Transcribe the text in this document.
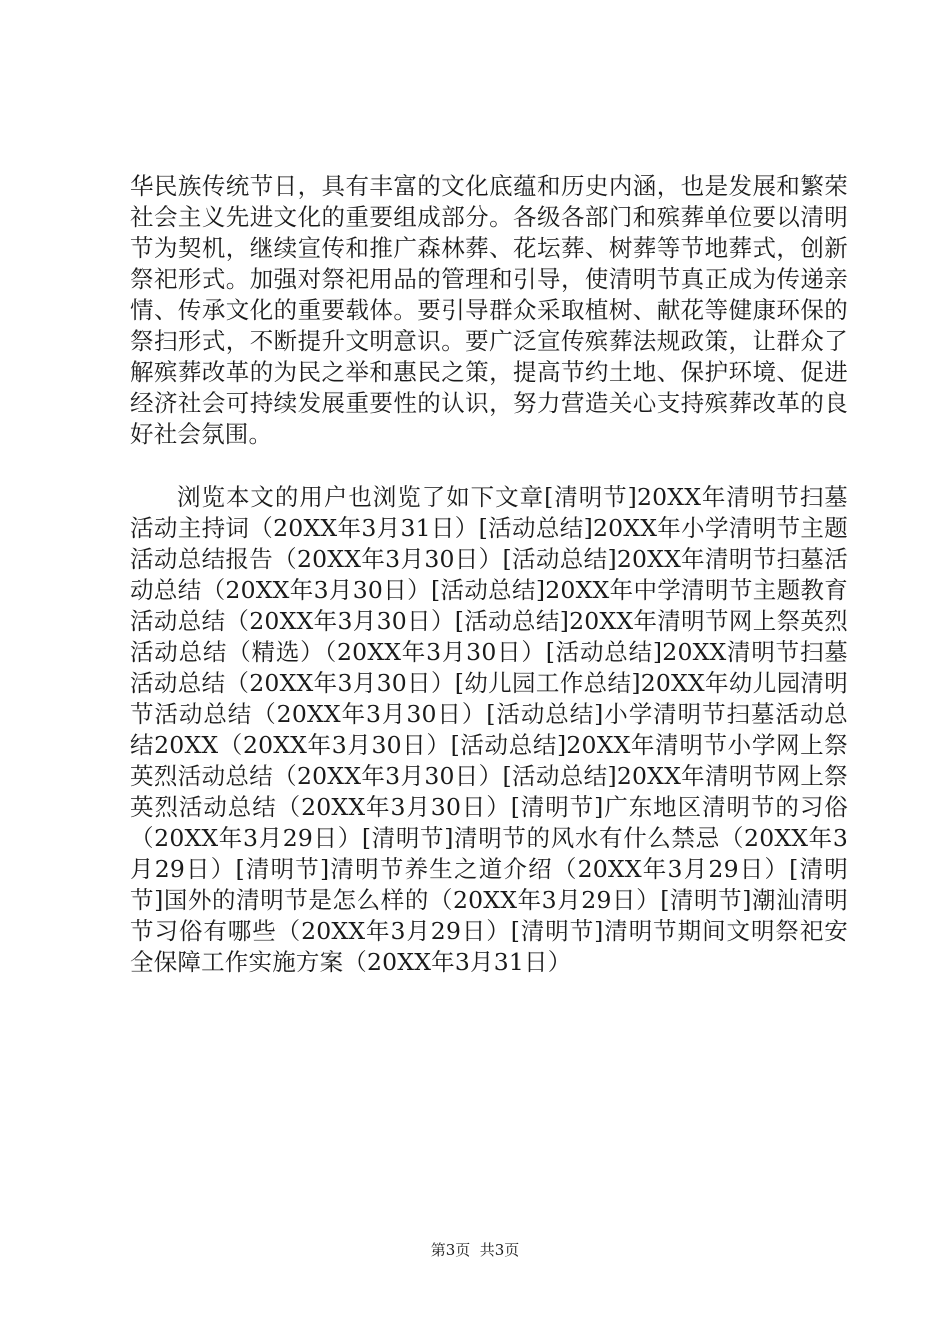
华民族传统节日，具有丰富的文化底蕴和历史内涵，也是发展和繁荣社会主义先进文化的重要组成部分。各级各部门和殡葬单位要以清明节为契机，继续宣传和推广森林葬、花坛葬、树葬等节地葬式，创新祭祀形式。加强对祭祀用品的管理和引导，使清明节真正成为传递亲情、传承文化的重要载体。要引导群众采取植树、献花等健康环保的祭扫形式，不断提升文明意识。要广泛宣传殡葬法规政策，让群众了解殡葬改革的为民之举和惠民之策，提高节约土地、保护环境、促进经济社会可持续发展重要性的认识，努力营造关心支持殡葬改革的良好社会氛围。

浏览本文的用户也浏览了如下文章[清明节]20XX年清明节扫墓活动主持词（20XX年3月31日）[活动总结]20XX年小学清明节主题活动总结报告（20XX年3月30日）[活动总结]20XX年清明节扫墓活动总结（20XX年3月30日）[活动总结]20XX年中学清明节主题教育活动总结（20XX年3月30日）[活动总结]20XX年清明节网上祭英烈活动总结（精选）（20XX年3月30日）[活动总结]20XX清明节扫墓活动总结（20XX年3月30日）[幼儿园工作总结]20XX年幼儿园清明节活动总结（20XX年3月30日）[活动总结]小学清明节扫墓活动总结20XX（20XX年3月30日）[活动总结]20XX年清明节小学网上祭英烈活动总结（20XX年3月30日）[活动总结]20XX年清明节网上祭英烈活动总结（20XX年3月30日）[清明节]广东地区清明节的习俗（20XX年3月29日）[清明节]清明节的风水有什么禁忌（20XX年3月29日）[清明节]清明节养生之道介绍（20XX年3月29日）[清明节]国外的清明节是怎么样的（20XX年3月29日）[清明节]潮汕清明节习俗有哪些（20XX年3月29日）[清明节]清明节期间文明祭祀安全保障工作实施方案（20XX年3月31日）

第3页  共3页
